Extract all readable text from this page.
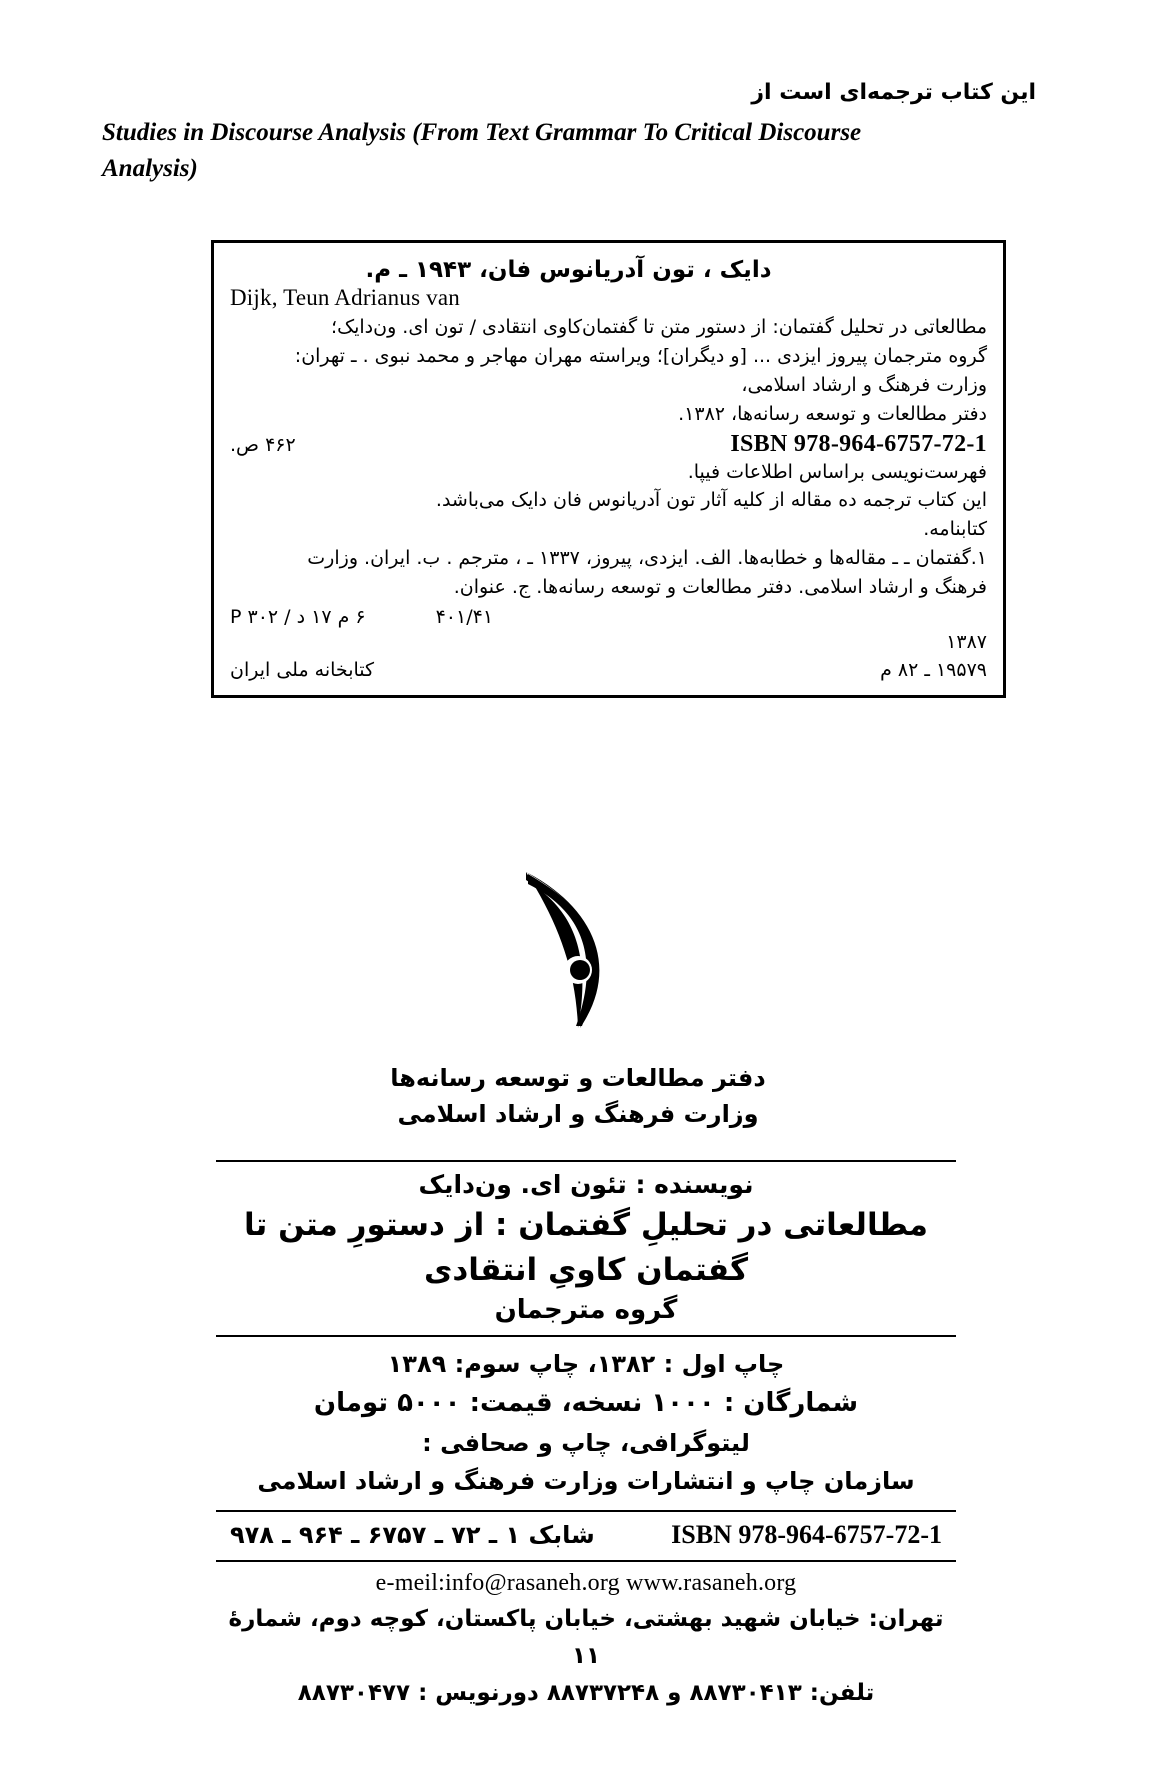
این کتاب ترجمه‌ای است از
Studies in Discourse Analysis (From Text Grammar To Critical Discourse
Analysis)
دایک ، تون آدریانوس فان، ۱۹۴۳ ـ م.
Dijk, Teun Adrianus van
مطالعاتی در تحلیل گفتمان: از دستور متن تا گفتمان‌کاوی انتقادی / تون ای. ون‌دایک؛
گروه مترجمان پیروز ایزدی ... [و دیگران]؛ ویراسته مهران مهاجر و محمد نبوی . ـ تهران:
وزارت فرهنگ و ارشاد اسلامی،
دفتر مطالعات و توسعه رسانه‌ها، ۱۳۸۲.
۴۶۲ ص.	ISBN 978-964-6757-72-1
فهرست‌نویسی براساس اطلاعات فیپا.
این کتاب ترجمه ده مقاله از کلیه آثار تون آدریانوس فان دایک می‌باشد.
کتابنامه.
۱.گفتمان ـ ـ مقاله‌ها و خطابه‌ها. الف. ایزدی، پیروز، ۱۳۳۷ ـ ، مترجم . ب. ایران. وزارت
فرهنگ و ارشاد اسلامی. دفتر مطالعات و توسعه رسانه‌ها. ج. عنوان.
۶ م ۱۷ د / P ۳۰۲	۴۰۱/۴۱
۱۳۸۷
کتابخانه ملی ایران	۱۹۵۷۹ ـ ۸۲ م
دفتر مطالعات و توسعه رسانه‌ها
وزارت فرهنگ و ارشاد اسلامی
نویسنده : تئون ای. ون‌دایک
مطالعاتی در تحلیلِ گفتمان : از دستورِ متن تا گفتمان کاویِ انتقادی
گروه مترجمان
چاپ اول : ۱۳۸۲، چاپ سوم: ۱۳۸۹
شمارگان : ۱۰۰۰ نسخه، قیمت: ۵۰۰۰ تومان
لیتوگرافی، چاپ و صحافی :
سازمان چاپ و انتشارات وزارت فرهنگ و ارشاد اسلامی
شابک ۱ ـ ۷۲ ـ ۶۷۵۷ ـ ۹۶۴ ـ ۹۷۸	ISBN 978-964-6757-72-1
e-meil:info@rasaneh.org www.rasaneh.org
تهران: خیابان شهید بهشتی، خیابان پاکستان، کوچه دوم، شمارهٔ ۱۱
تلفن: ۸۸۷۳۰۴۱۳ و ۸۸۷۳۷۲۴۸ دورنویس : ۸۸۷۳۰۴۷۷
